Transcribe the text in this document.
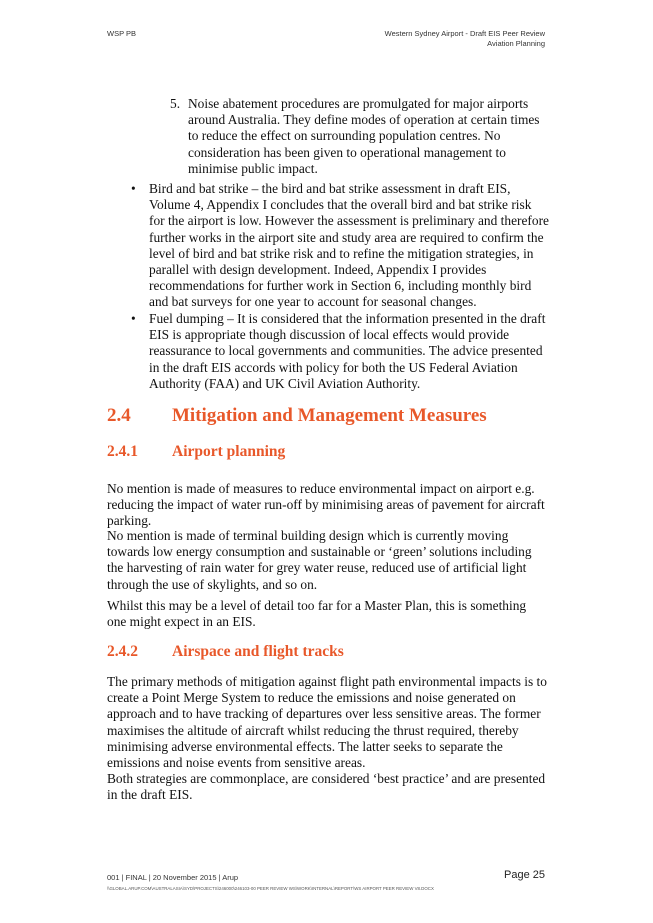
WSP PB	Western Sydney Airport - Draft EIS Peer Review
Aviation Planning
5. Noise abatement procedures are promulgated for major airports around Australia. They define modes of operation at certain times to reduce the effect on surrounding population centres. No consideration has been given to operational management to minimise public impact.
• Bird and bat strike – the bird and bat strike assessment in draft EIS, Volume 4, Appendix I concludes that the overall bird and bat strike risk for the airport is low. However the assessment is preliminary and therefore further works in the airport site and study area are required to confirm the level of bird and bat strike risk and to refine the mitigation strategies, in parallel with design development. Indeed, Appendix I provides recommendations for further work in Section 6, including monthly bird and bat surveys for one year to account for seasonal changes.
• Fuel dumping – It is considered that the information presented in the draft EIS is appropriate though discussion of local effects would provide reassurance to local governments and communities. The advice presented in the draft EIS accords with policy for both the US Federal Aviation Authority (FAA) and UK Civil Aviation Authority.
2.4 Mitigation and Management Measures
2.4.1 Airport planning
No mention is made of measures to reduce environmental impact on airport e.g. reducing the impact of water run-off by minimising areas of pavement for aircraft parking.
No mention is made of terminal building design which is currently moving towards low energy consumption and sustainable or ‘green’ solutions including the harvesting of rain water for grey water reuse, reduced use of artificial light through the use of skylights, and so on.
Whilst this may be a level of detail too far for a Master Plan, this is something one might expect in an EIS.
2.4.2 Airspace and flight tracks
The primary methods of mitigation against flight path environmental impacts is to create a Point Merge System to reduce the emissions and noise generated on approach and to have tracking of departures over less sensitive areas. The former maximises the altitude of aircraft whilst reducing the thrust required, thereby minimising adverse environmental effects. The latter seeks to separate the emissions and noise events from sensitive areas.
Both strategies are commonplace, are considered ‘best practice’ and are presented in the draft EIS.
001 | FINAL | 20 November 2015 | Arup
\\GLOBAL.ARUP.COM\AUSTRALASIA\SYD\PROJECTS\246000\246103-00 PEER REVIEW WS\WORK\INTERNAL\REPORT\WS AIRPORT PEER REVIEW V8.DOCX
Page 25
